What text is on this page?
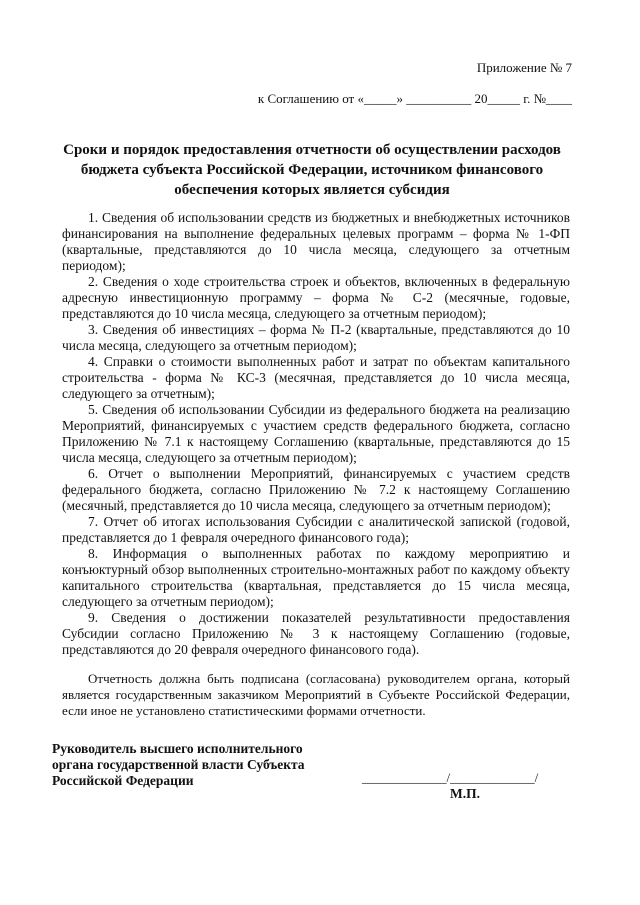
Приложение № 7

к Соглашению от «_____» __________ 20_____ г. №____

Сроки и порядок предоставления отчетности об осуществлении расходов
бюджета субъекта Российской Федерации, источником финансового
обеспечения которых является субсидия

1. Сведения об использовании средств из бюджетных и внебюджетных источников финансирования на выполнение федеральных целевых программ – форма № 1-ФП (квартальные, представляются до 10 числа месяца, следующего за отчетным периодом);

2. Сведения о ходе строительства строек и объектов, включенных в федеральную адресную инвестиционную программу – форма № С-2 (месячные, годовые, представляются до 10 числа месяца, следующего за отчетным периодом);

3. Сведения об инвестициях – форма № П-2 (квартальные, представляются до 10 числа месяца, следующего за отчетным периодом);

4. Справки о стоимости выполненных работ и затрат по объектам капитального строительства - форма № КС-3 (месячная, представляется до 10 числа месяца, следующего за отчетным);

5. Сведения об использовании Субсидии из федерального бюджета на реализацию Мероприятий, финансируемых с участием средств федерального бюджета, согласно Приложению № 7.1 к настоящему Соглашению (квартальные, представляются до 15 числа месяца, следующего за отчетным периодом);

6. Отчет о выполнении Мероприятий, финансируемых с участием средств федерального бюджета, согласно Приложению № 7.2 к настоящему Соглашению (месячный, представляется до 10 числа месяца, следующего за отчетным периодом);

7. Отчет об итогах использования Субсидии с аналитической запиской (годовой, представляется до 1 февраля очередного финансового года);

8. Информация о выполненных работах по каждому мероприятию и конъюктурный обзор выполненных строительно-монтажных работ по каждому объекту капитального строительства (квартальная, представляется до 15 числа месяца, следующего за отчетным периодом);

9. Сведения о достижении показателей результативности предоставления Субсидии согласно Приложению № 3 к настоящему Соглашению (годовые, представляются до 20 февраля очередного финансового года).

Отчетность должна быть подписана (согласована) руководителем органа, который является государственным заказчиком Мероприятий в Субъекте Российской Федерации, если иное не установлено статистическими формами отчетности.

Руководитель высшего исполнительного
органа государственной власти Субъекта
Российской Федерации	_____________/_____________/

М.П.
